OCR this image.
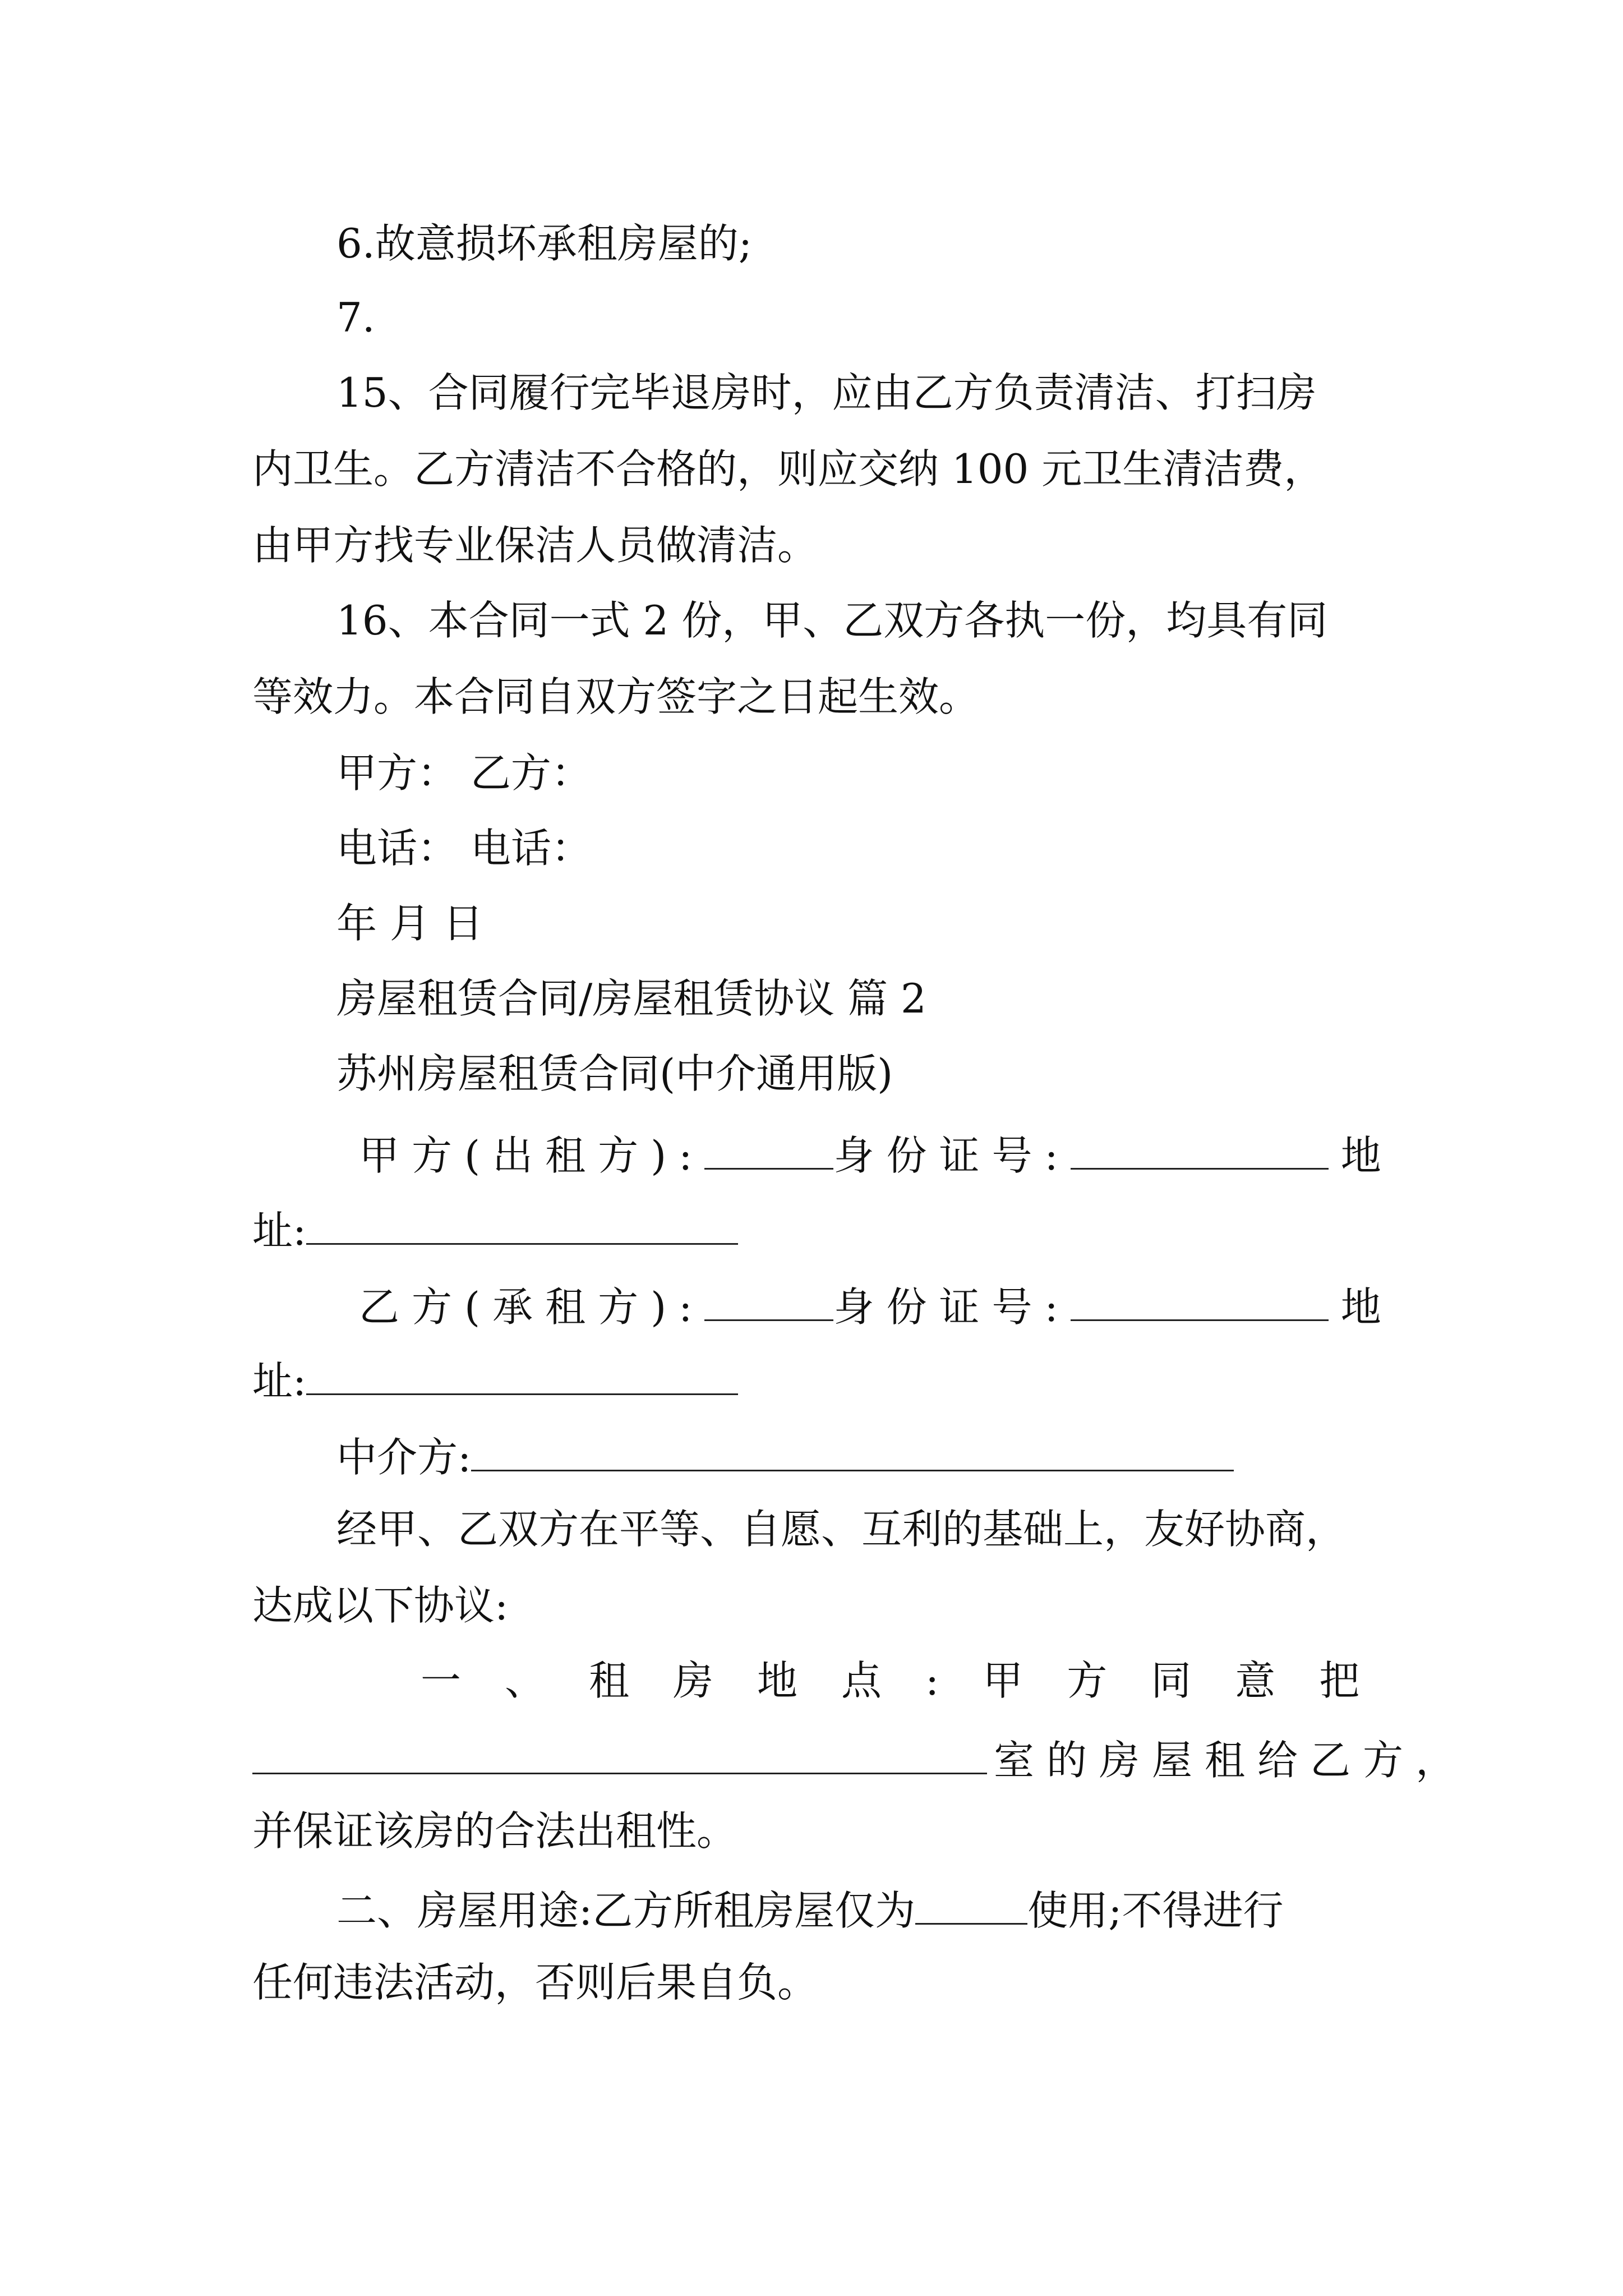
6.故意损坏承租房屋的;
7.
15、合同履行完毕退房时，应由乙方负责清洁、打扫房
内卫生。乙方清洁不合格的，则应交纳 100 元卫生清洁费，
由甲方找专业保洁人员做清洁。
16、本合同一式 2 份，甲、乙双方各执一份，均具有同
等效力。本合同自双方签字之日起生效。
甲方： 乙方：
电话： 电话：
年 月 日
房屋租赁合同/房屋租赁协议 篇 2
苏州房屋租赁合同(中介通用版)
甲方(出租方):	身份证号:	地
址:
乙方(承租方):	身份证号:	地
址:
中介方:
经甲、乙双方在平等、自愿、互利的基础上，友好协商，
达成以下协议:
一、租房地点:甲方同意把
室的房屋租给乙方，
并保证该房的合法出租性。
二、房屋用途:乙方所租房屋仅为	使用;不得进行
任何违法活动，否则后果自负。
